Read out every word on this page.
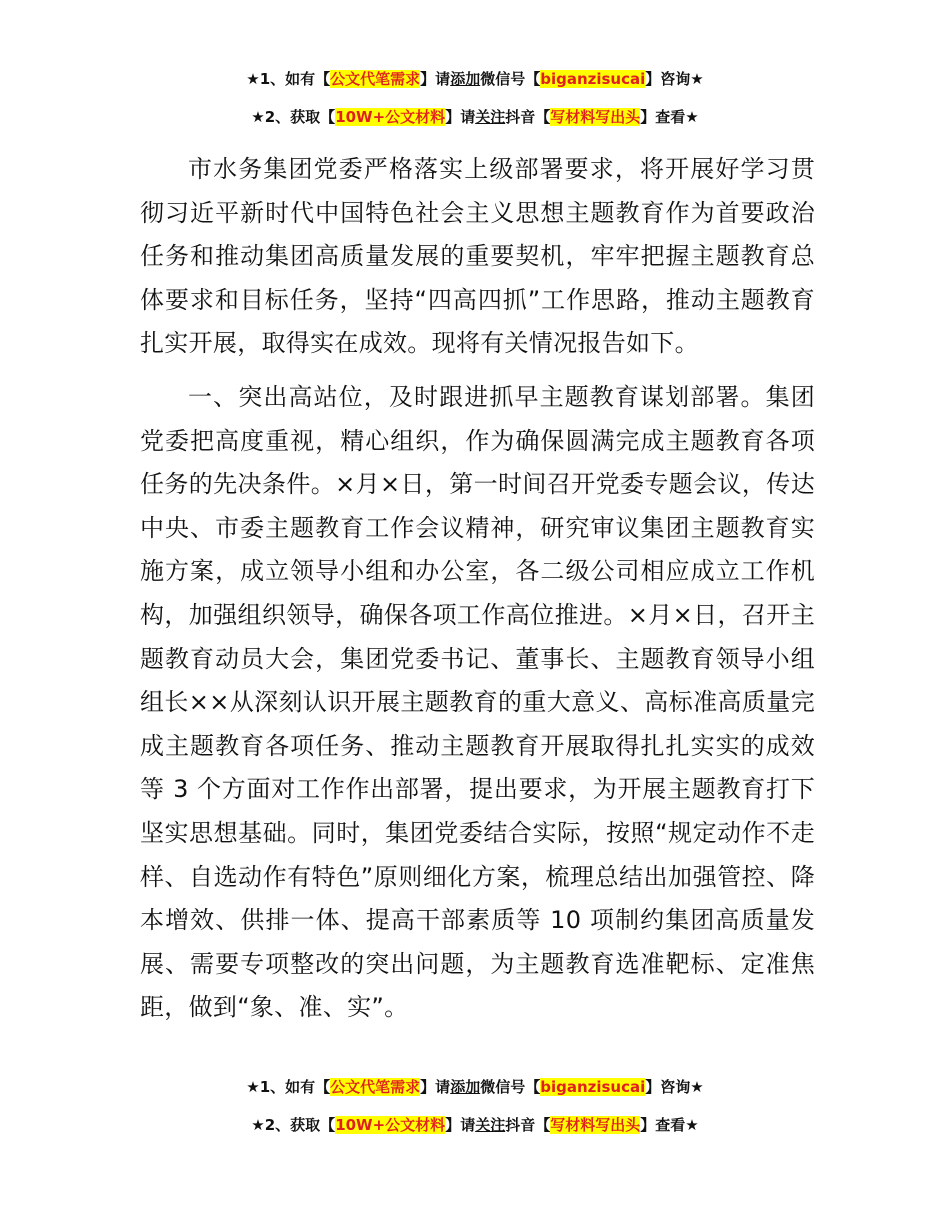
★1、如有【公文代笔需求】请添加微信号【biganzisucai】咨询★
★2、获取【10W+公文材料】请关注抖音【写材料写出头】查看★

市水务集团党委严格落实上级部署要求，将开展好学习贯彻习近平新时代中国特色社会主义思想主题教育作为首要政治任务和推动集团高质量发展的重要契机，牢牢把握主题教育总体要求和目标任务，坚持“四高四抓”工作思路，推动主题教育扎实开展，取得实在成效。现将有关情况报告如下。

一、突出高站位，及时跟进抓早主题教育谋划部署。集团党委把高度重视，精心组织，作为确保圆满完成主题教育各项任务的先决条件。×月×日，第一时间召开党委专题会议，传达中央、市委主题教育工作会议精神，研究审议集团主题教育实施方案，成立领导小组和办公室，各二级公司相应成立工作机构，加强组织领导，确保各项工作高位推进。×月×日，召开主题教育动员大会，集团党委书记、董事长、主题教育领导小组组长××从深刻认识开展主题教育的重大意义、高标准高质量完成主题教育各项任务、推动主题教育开展取得扎扎实实的成效等 3 个方面对工作作出部署，提出要求，为开展主题教育打下坚实思想基础。同时，集团党委结合实际，按照“规定动作不走样、自选动作有特色”原则细化方案，梳理总结出加强管控、降本增效、供排一体、提高干部素质等 10 项制约集团高质量发展、需要专项整改的突出问题，为主题教育选准靶标、定准焦距，做到“象、准、实”。

★1、如有【公文代笔需求】请添加微信号【biganzisucai】咨询★
★2、获取【10W+公文材料】请关注抖音【写材料写出头】查看★
